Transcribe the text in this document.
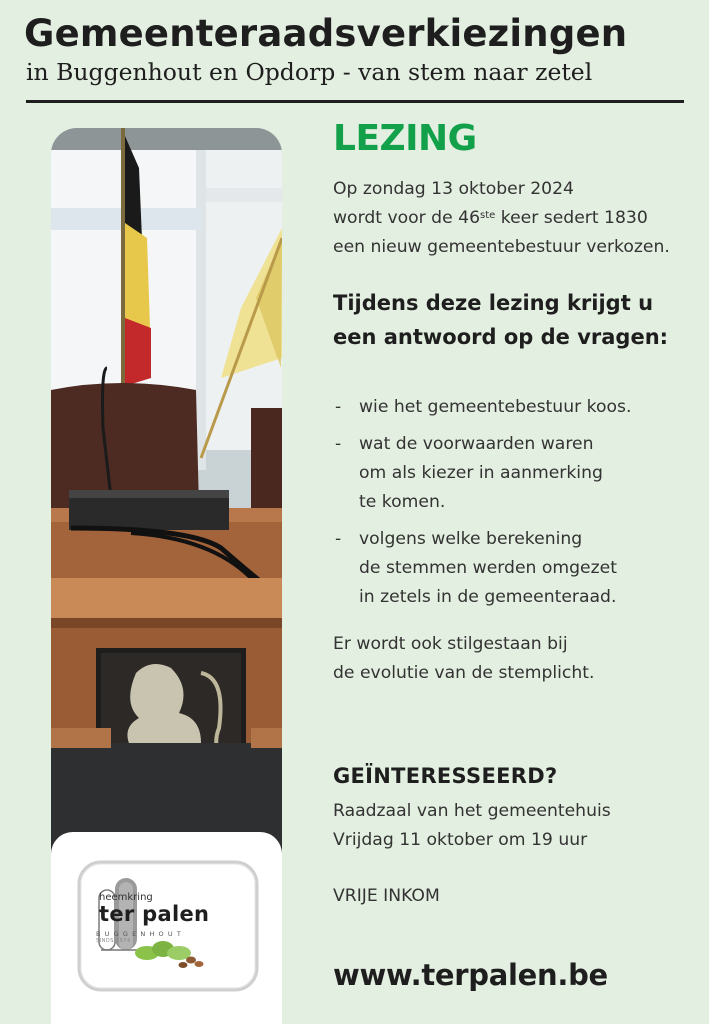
Gemeenteraadsverkiezingen
in Buggenhout en Opdorp - van stem naar zetel
heemkring
ter palen
BUGGENHOUT
SINDS 1974
LEZING
Op zondag 13 oktober 2024
wordt voor de 46ste keer sedert 1830
een nieuw gemeentebestuur verkozen.
Tijdens deze lezing krijgt u een antwoord op de vragen:
- wie het gemeentebestuur koos.
- wat de voorwaarden waren
om als kiezer in aanmerking
te komen.
- volgens welke berekening
de stemmen werden omgezet
in zetels in de gemeenteraad.
Er wordt ook stilgestaan bij
de evolutie van de stemplicht.
GEÏNTERESSEERD?
Raadzaal van het gemeentehuis
Vrijdag 11 oktober om 19 uur
VRIJE INKOM
www.terpalen.be
